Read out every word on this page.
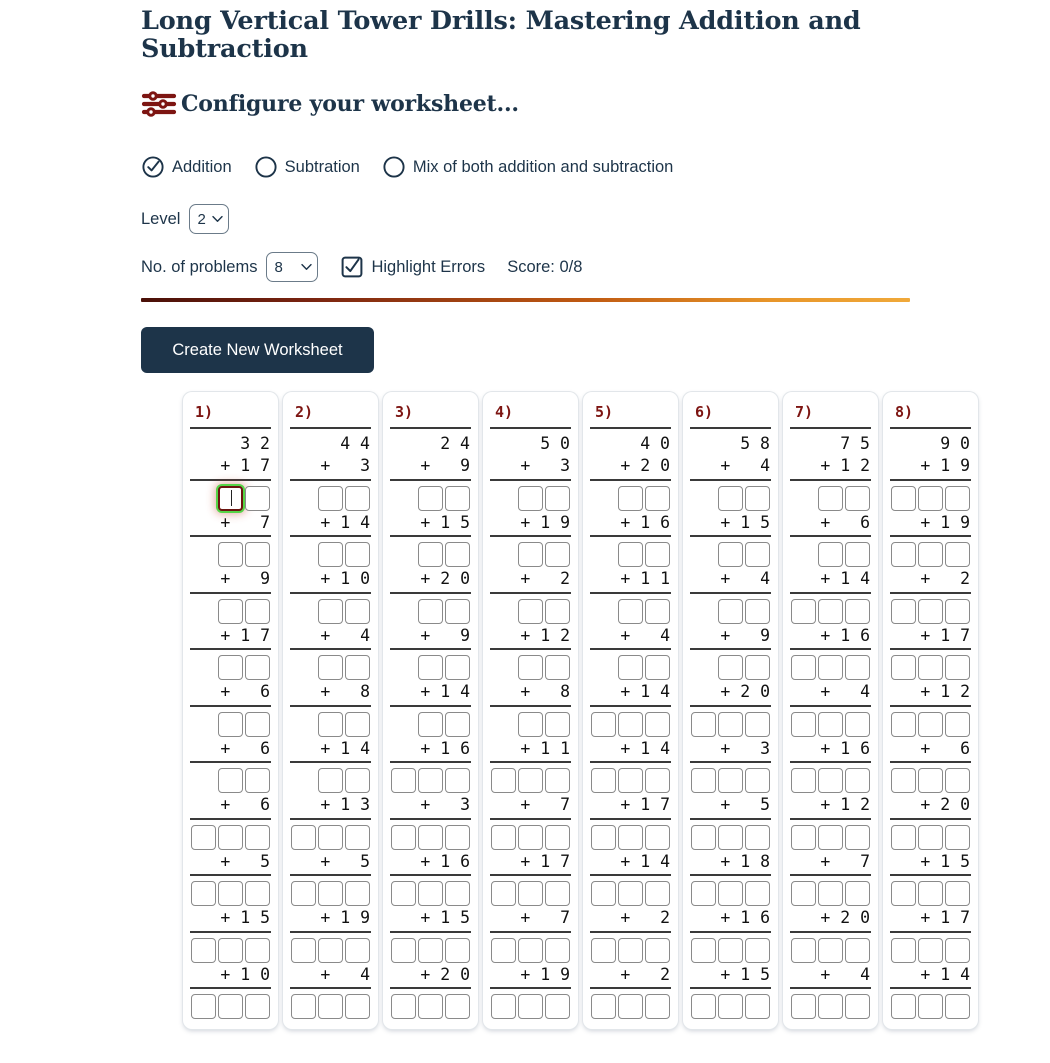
Long Vertical Tower Drills: Mastering Addition and Subtraction
Configure your worksheet...
Addition	Subtration	Mix of both addition and subtraction
Level
2
No. of problems
8	Highlight Errors Score: 0/8
Create New Worksheet
1)
3 2
+ 1 7
+   7
+   9
+ 1 7
+   6
+   6
+   6
+   5
+ 1 5
+ 1 0
2)
4 4
+   3
+ 1 4
+ 1 0
+   4
+   8
+ 1 4
+ 1 3
+   5
+ 1 9
+   4
3)
2 4
+   9
+ 1 5
+ 2 0
+   9
+ 1 4
+ 1 6
+   3
+ 1 6
+ 1 5
+ 2 0
4)
5 0
+   3
+ 1 9
+   2
+ 1 2
+   8
+ 1 1
+   7
+ 1 7
+   7
+ 1 9
5)
4 0
+ 2 0
+ 1 6
+ 1 1
+   4
+ 1 4
+ 1 4
+ 1 7
+ 1 4
+   2
+   2
6)
5 8
+   4
+ 1 5
+   4
+   9
+ 2 0
+   3
+   5
+ 1 8
+ 1 6
+ 1 5
7)
7 5
+ 1 2
+   6
+ 1 4
+ 1 6
+   4
+ 1 6
+ 1 2
+   7
+ 2 0
+   4
8)
9 0
+ 1 9
+ 1 9
+   2
+ 1 7
+ 1 2
+   6
+ 2 0
+ 1 5
+ 1 7
+ 1 4
